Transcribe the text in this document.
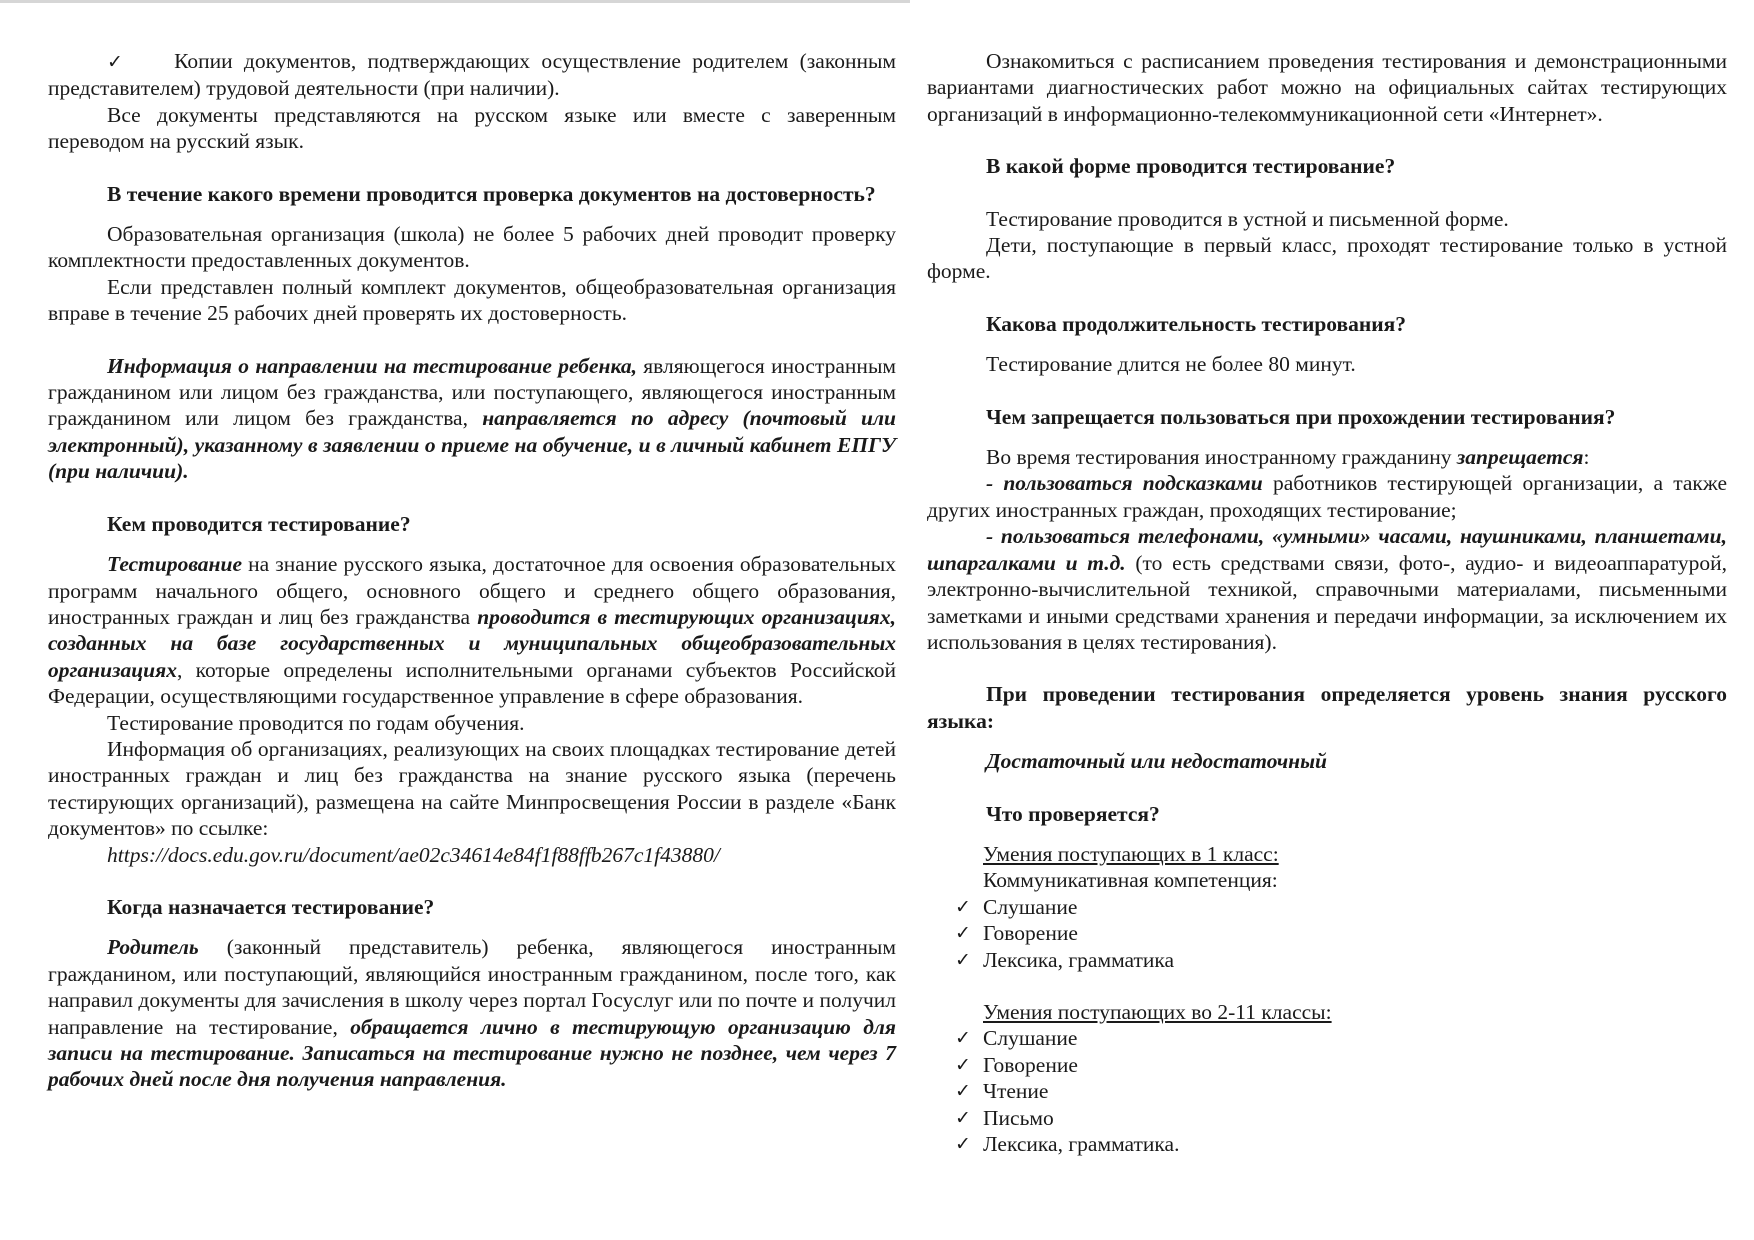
✓ Копии документов, подтверждающих осуществление родителем (законным представителем) трудовой деятельности (при наличии).

Все документы представляются на русском языке или вместе с заверенным переводом на русский язык.

В течение какого времени проводится проверка документов на достоверность?

Образовательная организация (школа) не более 5 рабочих дней проводит проверку комплектности предоставленных документов.

Если представлен полный комплект документов, общеобразовательная организация вправе в течение 25 рабочих дней проверять их достоверность.

Информация о направлении на тестирование ребенка, являющегося иностранным гражданином или лицом без гражданства, или поступающего, являющегося иностранным гражданином или лицом без гражданства, направляется по адресу (почтовый или электронный), указанному в заявлении о приеме на обучение, и в личный кабинет ЕПГУ (при наличии).

Кем проводится тестирование?

Тестирование на знание русского языка, достаточное для освоения образовательных программ начального общего, основного общего и среднего общего образования, иностранных граждан и лиц без гражданства проводится в тестирующих организациях, созданных на базе государственных и муниципальных общеобразовательных организациях, которые определены исполнительными органами субъектов Российской Федерации, осуществляющими государственное управление в сфере образования.

Тестирование проводится по годам обучения.

Информация об организациях, реализующих на своих площадках тестирование детей иностранных граждан и лиц без гражданства на знание русского языка (перечень тестирующих организаций), размещена на сайте Минпросвещения России в разделе «Банк документов» по ссылке:

https://docs.edu.gov.ru/document/ae02c34614e84f1f88ffb267c1f43880/

Когда назначается тестирование?

Родитель (законный представитель) ребенка, являющегося иностранным гражданином, или поступающий, являющийся иностранным гражданином, после того, как направил документы для зачисления в школу через портал Госуслуг или по почте и получил направление на тестирование, обращается лично в тестирующую организацию для записи на тестирование. Записаться на тестирование нужно не позднее, чем через 7 рабочих дней после дня получения направления.

Ознакомиться с расписанием проведения тестирования и демонстрационными вариантами диагностических работ можно на официальных сайтах тестирующих организаций в информационно-телекоммуникационной сети «Интернет».

В какой форме проводится тестирование?

Тестирование проводится в устной и письменной форме.

Дети, поступающие в первый класс, проходят тестирование только в устной форме.

Какова продолжительность тестирования?

Тестирование длится не более 80 минут.

Чем запрещается пользоваться при прохождении тестирования?

Во время тестирования иностранному гражданину запрещается:

- пользоваться подсказками работников тестирующей организации, а также других иностранных граждан, проходящих тестирование;

- пользоваться телефонами, «умными» часами, наушниками, планшетами, шпаргалками и т.д. (то есть средствами связи, фото-, аудио- и видеоаппаратурой, электронно-вычислительной техникой, справочными материалами, письменными заметками и иными средствами хранения и передачи информации, за исключением их использования в целях тестирования).

При проведении тестирования определяется уровень знания русского языка:

Достаточный или недостаточный

Что проверяется?

Умения поступающих в 1 класс:

Коммуникативная компетенция:

✓ Слушание

✓ Говорение

✓ Лексика, грамматика

Умения поступающих во 2-11 классы:

✓ Слушание

✓ Говорение

✓ Чтение

✓ Письмо

✓ Лексика, грамматика.
